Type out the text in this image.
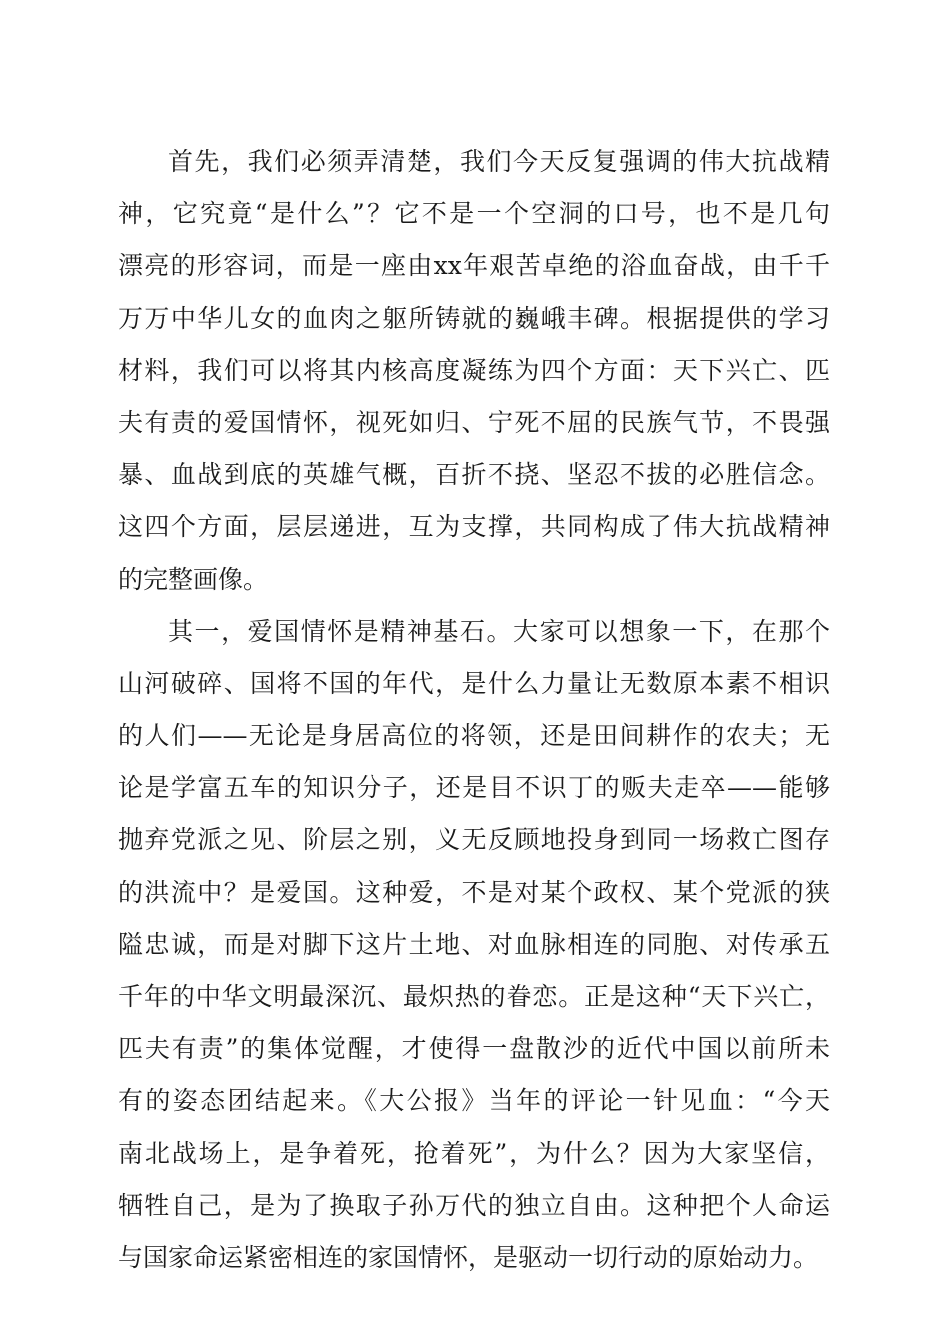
首先，我们必须弄清楚，我们今天反复强调的伟大抗战精
神，它究竟“是什么”？它不是一个空洞的口号，也不是几句
漂亮的形容词，而是一座由xx年艰苦卓绝的浴血奋战，由千千
万万中华儿女的血肉之躯所铸就的巍峨丰碑。根据提供的学习
材料，我们可以将其内核高度凝练为四个方面：天下兴亡、匹
夫有责的爱国情怀，视死如归、宁死不屈的民族气节，不畏强
暴、血战到底的英雄气概，百折不挠、坚忍不拔的必胜信念。
这四个方面，层层递进，互为支撑，共同构成了伟大抗战精神
的完整画像。

其一，爱国情怀是精神基石。大家可以想象一下，在那个
山河破碎、国将不国的年代，是什么力量让无数原本素不相识
的人们——无论是身居高位的将领，还是田间耕作的农夫；无
论是学富五车的知识分子，还是目不识丁的贩夫走卒——能够
抛弃党派之见、阶层之别，义无反顾地投身到同一场救亡图存
的洪流中？是爱国。这种爱，不是对某个政权、某个党派的狭
隘忠诚，而是对脚下这片土地、对血脉相连的同胞、对传承五
千年的中华文明最深沉、最炽热的眷恋。正是这种“天下兴亡，
匹夫有责”的集体觉醒，才使得一盘散沙的近代中国以前所未
有的姿态团结起来。《大公报》当年的评论一针见血：“今天
南北战场上，是争着死，抢着死”，为什么？因为大家坚信，
牺牲自己，是为了换取子孙万代的独立自由。这种把个人命运
与国家命运紧密相连的家国情怀，是驱动一切行动的原始动力。
